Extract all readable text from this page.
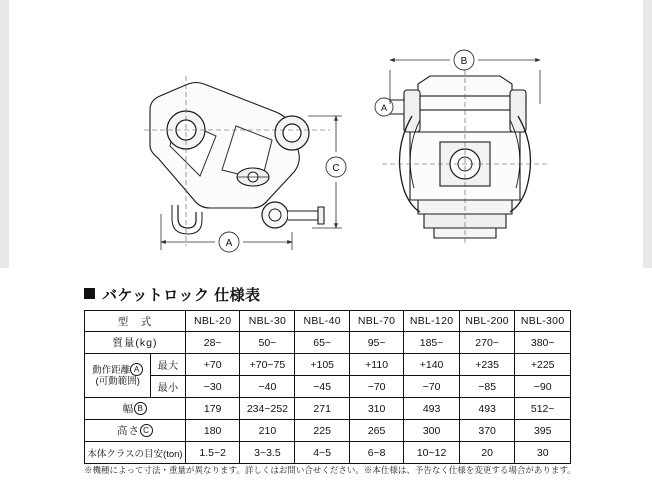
A
C
A
B
バケットロック 仕様表
型　式		NBL-20	NBL-30	NBL-40	NBL-70	NBL-120	NBL-200	NBL-300
質量(kg)		28~	50~	65~	95~	185~	270~	380~

動作距離 A
(可動範囲)	最大	+70	+70~75	+105	+110	+140	+235	+225
	最小	−30	−40	−45	−70	−70	−85	−90
幅 B		179	234~252	271	310	493	493	512~
高さ C		180	210	225	265	300	370	395
本体クラスの目安(ton)		1.5~2	3~3.5	4~5	6~8	10~12	20	30
※機種によって寸法・重量が異なります。詳しくはお問い合せください。※本仕様は、予告なく仕様を変更する場合があります。
